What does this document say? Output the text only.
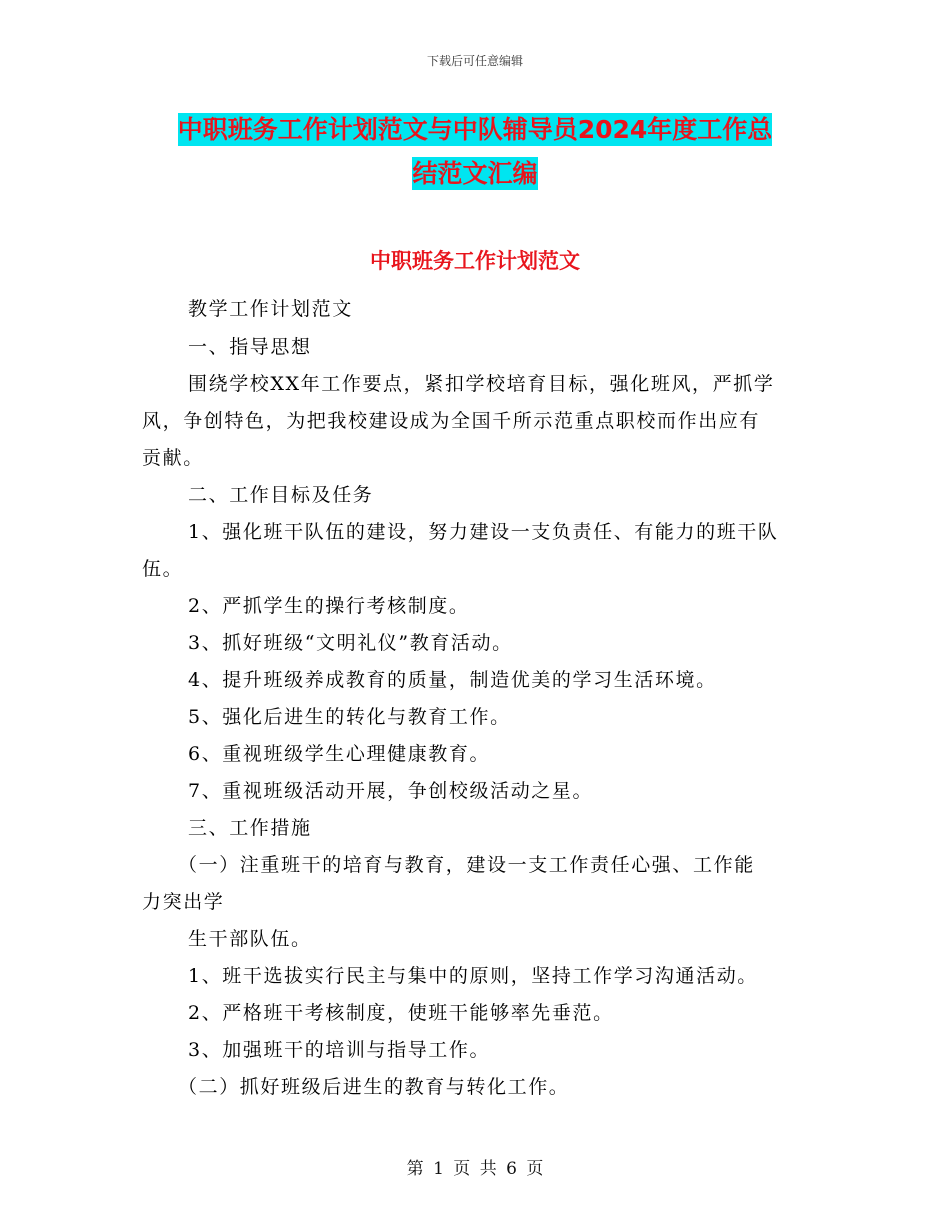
下载后可任意编辑
中职班务工作计划范文与中队辅导员2024年度工作总
结范文汇编
中职班务工作计划范文
教学工作计划范文
一、指导思想
围绕学校XX年工作要点，紧扣学校培育目标，强化班风，严抓学
风，争创特色，为把我校建设成为全国千所示范重点职校而作出应有
贡献。
二、工作目标及任务
1、强化班干队伍的建设，努力建设一支负责任、有能力的班干队
伍。
2、严抓学生的操行考核制度。
3、抓好班级“文明礼仪”教育活动。
4、提升班级养成教育的质量，制造优美的学习生活环境。
5、强化后进生的转化与教育工作。
6、重视班级学生心理健康教育。
7、重视班级活动开展，争创校级活动之星。
三、工作措施
（一）注重班干的培育与教育，建设一支工作责任心强、工作能
力突出学
生干部队伍。
1、班干选拔实行民主与集中的原则，坚持工作学习沟通活动。
2、严格班干考核制度，使班干能够率先垂范。
3、加强班干的培训与指导工作。
（二）抓好班级后进生的教育与转化工作。
第 1 页 共 6 页
